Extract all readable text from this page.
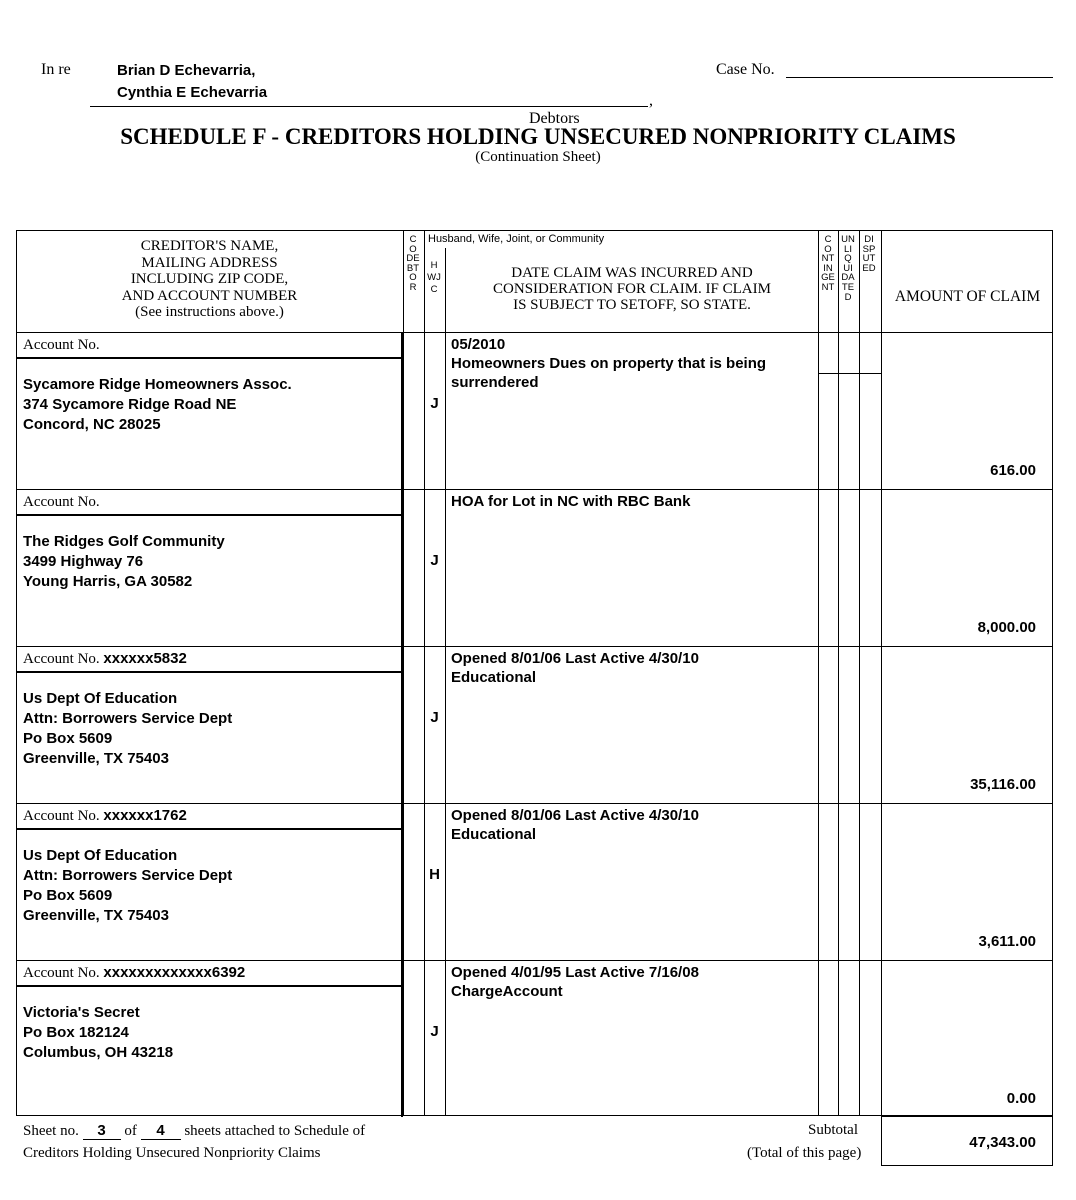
In re	Brian D Echevarria,
Cynthia E Echevarria	,
Case No.
Debtors
SCHEDULE F - CREDITORS HOLDING UNSECURED NONPRIORITY CLAIMS
(Continuation Sheet)
CREDITOR'S NAME,
MAILING ADDRESS
INCLUDING ZIP CODE,
AND ACCOUNT NUMBER
(See instructions above.)
CODEBTOR
Husband, Wife, Joint, or Community
HWJC
DATE CLAIM WAS INCURRED AND
CONSIDERATION FOR CLAIM. IF CLAIM
IS SUBJECT TO SETOFF, SO STATE.
CONTINGENT
UNLIQUIDATED
DISPUTED
AMOUNT OF CLAIM
Account No.
Sycamore Ridge Homeowners Assoc.
374 Sycamore Ridge Road NE
Concord, NC 28025
J
05/2010
Homeowners Dues on property that is being
surrendered
616.00
Account No.
The Ridges Golf Community
3499 Highway 76
Young Harris, GA 30582
J
HOA for Lot in NC with RBC Bank
8,000.00
Account No. xxxxxx5832
Us Dept Of Education
Attn: Borrowers Service Dept
Po Box 5609
Greenville, TX 75403
J
Opened 8/01/06 Last Active 4/30/10
Educational
35,116.00
Account No. xxxxxx1762
Us Dept Of Education
Attn: Borrowers Service Dept
Po Box 5609
Greenville, TX 75403
H
Opened 8/01/06 Last Active 4/30/10
Educational
3,611.00
Account No. xxxxxxxxxxxxx6392
Victoria's Secret
Po Box 182124
Columbus, OH 43218
J
Opened 4/01/95 Last Active 7/16/08
ChargeAccount
0.00
Sheet no. 3 of 4 sheets attached to Schedule of
Creditors Holding Unsecured Nonpriority Claims
Subtotal
(Total of this page)
47,343.00
